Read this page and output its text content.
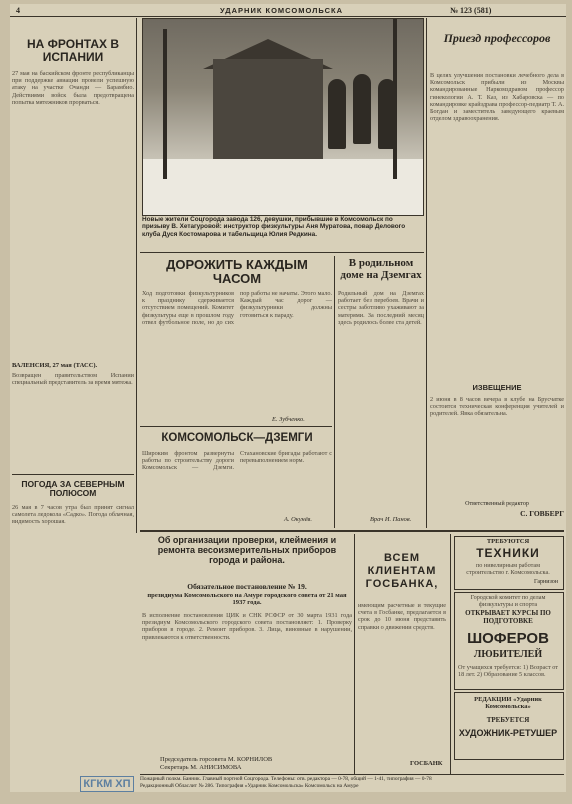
4	УДАРНИК КОМСОМОЛЬСКА	№ 123 (581)
НА ФРОНТАХ В ИСПАНИИ
27 мая на баскийском фронте республиканцы при поддержке авиации провели успешную атаку на участке Очанди — Барамбио. Действиями войск была предотвращена попытка мятежников прорваться.
ВАЛЕНСИЯ, 27 мая (ТАСС).
Возвращен правительством Испании специальный представитель за время мятежа.
ПОГОДА ЗА СЕВЕРНЫМ ПОЛЮСОМ
26 мая в 7 часов утра был принят сигнал самолета ледокола «Садко». Погода облачная, видимость хорошая.
Новые жители Соцгорода завода 126, девушки, прибывшие в Комсомольск по призыву В. Хетагуровой: инструктор физкультуры Аня Муратова, повар Делового клуба Дуся Костомарова и табельщица Юлия Редкина.
Приезд профессоров
В целях улучшения постановки лечебного дела в Комсомольск прибыли из Москвы командированные Наркомздравом профессор гинекологии А. Т. Каз, из Хабаровска — по командировке крайздрава профессор-педиатр Т. А. Богдан и заместитель заведующего краевым отделом здравоохранения.
ИЗВЕЩЕНИЕ
2 июня в 8 часов вечера в клубе на Брусчатке состоится техническая конференция учителей и родителей. Явка обязательна.
Ответственный редактор
С. ГОВБЕРГ
ДОРОЖИТЬ КАЖДЫМ ЧАСОМ
Ход подготовки физкультурников к празднику сдерживается отсутствием помещений. Комитет физкультуры еще в прошлом году отвел футбольное поле, но до сих пор работы не начаты. Этого мало. Каждый час дорог — физкультурники должны готовиться к параду.
Е. Зубченко.
В родильном доме на Дземгах
Родильный дом на Дземгах работает без перебоев. Врачи и сестры заботливо ухаживают за матерями. За последний месяц здесь родилось более ста детей.
Врач И. Панов.
КОМСОМОЛЬСК—ДЗЕМГИ
Широким фронтом развернуты работы по строительству дороги Комсомольск — Дземги. Стахановские бригады работают с перевыполнением норм.
А. Окунёв.
Об организации проверки, клеймения и ремонта весоизмерительных приборов города и района.
Обязательное постановление № 19.
президиума Комсомольского на Амуре городского совета от 21 мая 1937 года.
В исполнение постановления ЦИК и СНК РСФСР от 30 марта 1931 года президиум Комсомольского городского совета постановляет: 1. Проверку приборов в городе. 2. Ремонт приборов. 3. Лица, виновные в нарушении, привлекаются к ответственности.
Председатель горсовета М. КОРНИЛОВ
Секретарь М. АНИСИМОВА
ВСЕМ КЛИЕНТАМ ГОСБАНКА,
имеющим расчетные и текущие счета в Госбанке, предлагается в срок до 10 июня представить справки о движении средств.
ГОСБАНК
ТРЕБУЮТСЯ
ТЕХНИКИ
по нивелирным работам строительство г. Комсомольска.
Гарнизон
Городской комитет по делам физкультуры и спорта
ОТКРЫВАЕТ КУРСЫ ПО ПОДГОТОВКЕ
ШОФЕРОВ
ЛЮБИТЕЛЕЙ
От учащихся требуется: 1) Возраст от 18 лет. 2) Образование 5 классов.
РЕДАКЦИИ «Ударник Комсомольска»
ТРЕБУЕТСЯ
ХУДОЖНИК-РЕТУШЕР
Пожарный полкм. Банник. Главный портной Соцгорода. Телефоны: отв. редактора — 0-78, общий — 1-41, типография — 0-78
Редакционный Обласлит № 286. Типография «Ударник Комсомольска» Комсомольск на Амуре
КГКМ ХП
